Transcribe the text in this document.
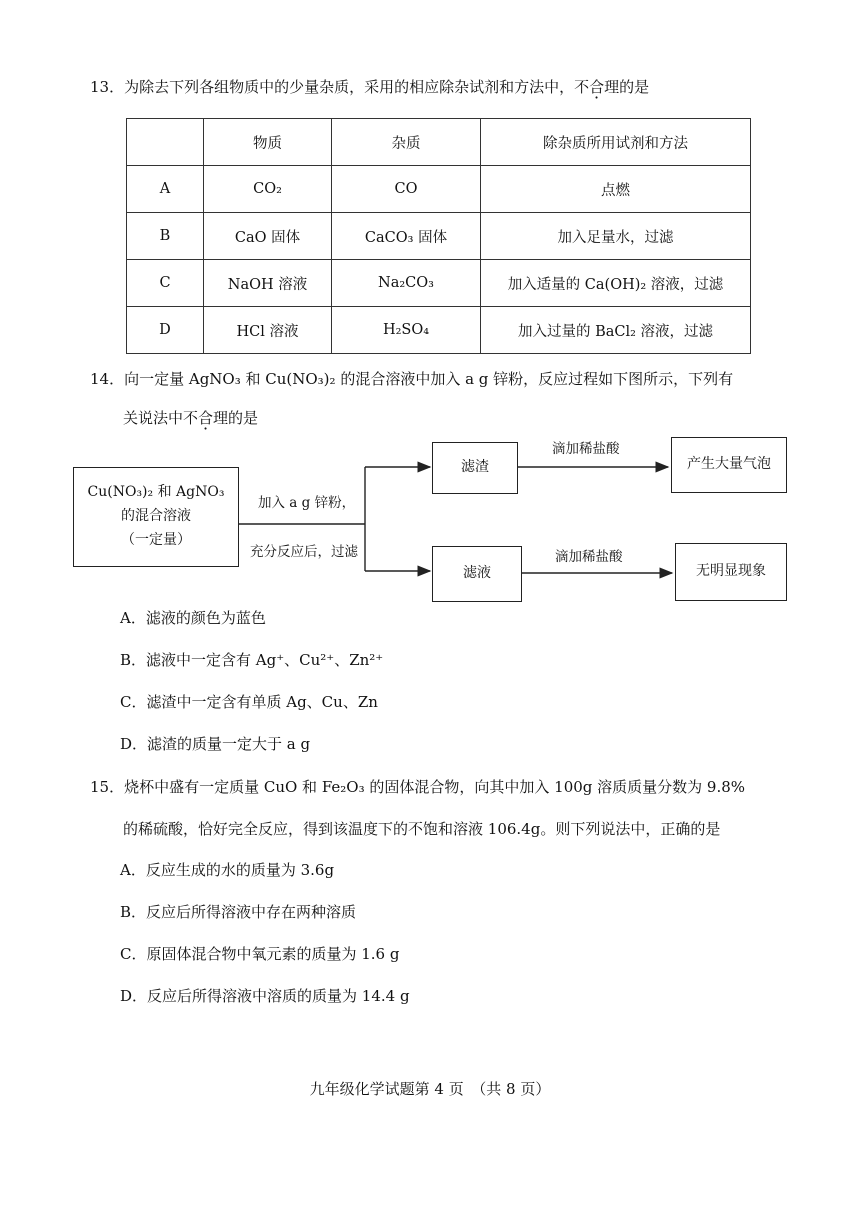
13．为除去下列各组物质中的少量杂质，采用的相应除杂试剂和方法中，不合理的是
	物质	杂质	除杂质所用试剂和方法
A	CO₂	CO	点燃
B	CaO 固体	CaCO₃ 固体	加入足量水，过滤
C	NaOH 溶液	Na₂CO₃	加入适量的 Ca(OH)₂ 溶液，过滤
D	HCl 溶液	H₂SO₄	加入过量的 BaCl₂ 溶液，过滤
14．向一定量 AgNO₃ 和 Cu(NO₃)₂ 的混合溶液中加入 a g 锌粉，反应过程如下图所示，下列有
关说法中不合理的是
Cu(NO₃)₂ 和 AgNO₃
的混合溶液
（一定量）
加入 a g 锌粉，
充分反应后，过滤
滤渣
滤液
滴加稀盐酸
滴加稀盐酸
产生大量气泡
无明显现象
A．滤液的颜色为蓝色
B．滤液中一定含有 Ag⁺、Cu²⁺、Zn²⁺
C．滤渣中一定含有单质 Ag、Cu、Zn
D．滤渣的质量一定大于 a g
15．烧杯中盛有一定质量 CuO 和 Fe₂O₃ 的固体混合物，向其中加入 100g 溶质质量分数为 9.8%
的稀硫酸，恰好完全反应，得到该温度下的不饱和溶液 106.4g。则下列说法中，正确的是
A．反应生成的水的质量为 3.6g
B．反应后所得溶液中存在两种溶质
C．原固体混合物中氧元素的质量为 1.6 g
D．反应后所得溶液中溶质的质量为 14.4 g
九年级化学试题第 4 页　（共 8 页）
